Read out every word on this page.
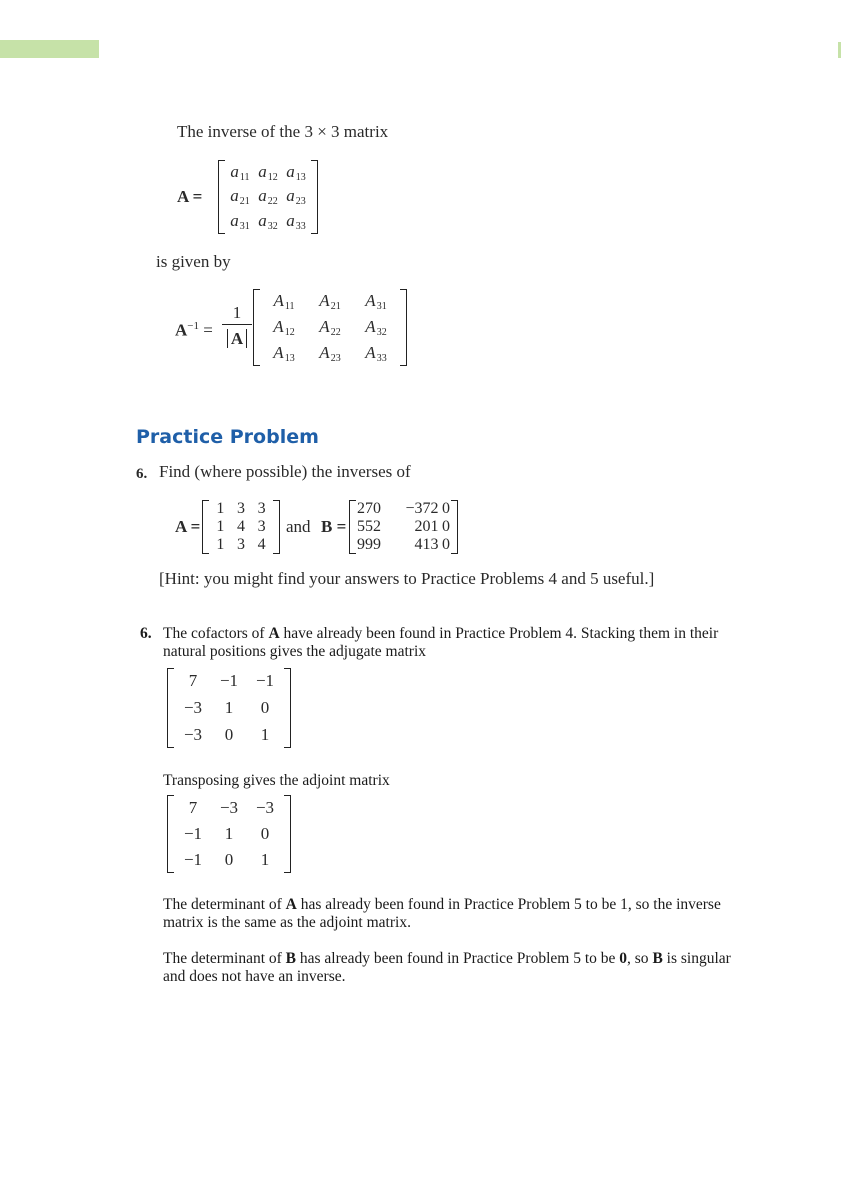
The inverse of the 3 × 3 matrix
A =
$a_{11}$	$a_{12}$	$a_{13}$
$a_{21}$	$a_{22}$	$a_{23}$
$a_{31}$	$a_{32}$	$a_{33}$
is given by
$A^{-1}$ =
1
A
$A_{11}$	$A_{21}$	$A_{31}$
$A_{12}$	$A_{22}$	$A_{32}$
$A_{13}$	$A_{23}$	$A_{33}$
Practice Problem
6. Find (where possible) the inverses of
A =
1	3	3
1	4	3
1	3	4
and B =
270	−372	0
552	201	0
999	413	0
[Hint: you might find your answers to Practice Problems 4 and 5 useful.]
6. The cofactors of A have already been found in Practice Problem 4. Stacking them in their
natural positions gives the adjugate matrix
7	−1	−1
−3	1	0
−3	0	1
Transposing gives the adjoint matrix
7	−3	−3
−1	1	0
−1	0	1
The determinant of A has already been found in Practice Problem 5 to be 1, so the inverse
matrix is the same as the adjoint matrix.
The determinant of B has already been found in Practice Problem 5 to be 0, so B is singular
and does not have an inverse.
